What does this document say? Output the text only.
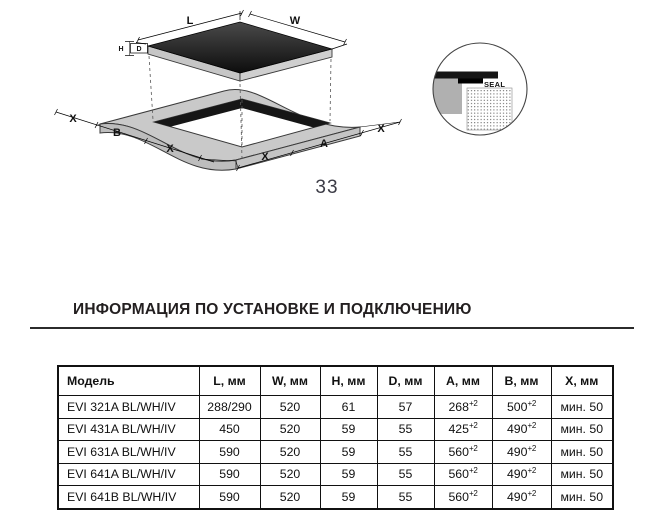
H D
L	W
X
B
X
X
A
X
SEAL
33
ИНФОРМАЦИЯ ПО УСТАНОВКЕ И ПОДКЛЮЧЕНИЮ
Модель	L, мм	W, мм	H, мм	D, мм	A, мм	B, мм	X, мм
EVI 321A BL/WH/IV	288/290	520	61	57	$268^{+2}$	$500^{+2}$	мин. 50
EVI 431A BL/WH/IV	450	520	59	55	$425^{+2}$	$490^{+2}$	мин. 50
EVI 631A BL/WH/IV	590	520	59	55	$560^{+2}$	$490^{+2}$	мин. 50
EVI 641A BL/WH/IV	590	520	59	55	$560^{+2}$	$490^{+2}$	мин. 50
EVI 641B BL/WH/IV	590	520	59	55	$560^{+2}$	$490^{+2}$	мин. 50
